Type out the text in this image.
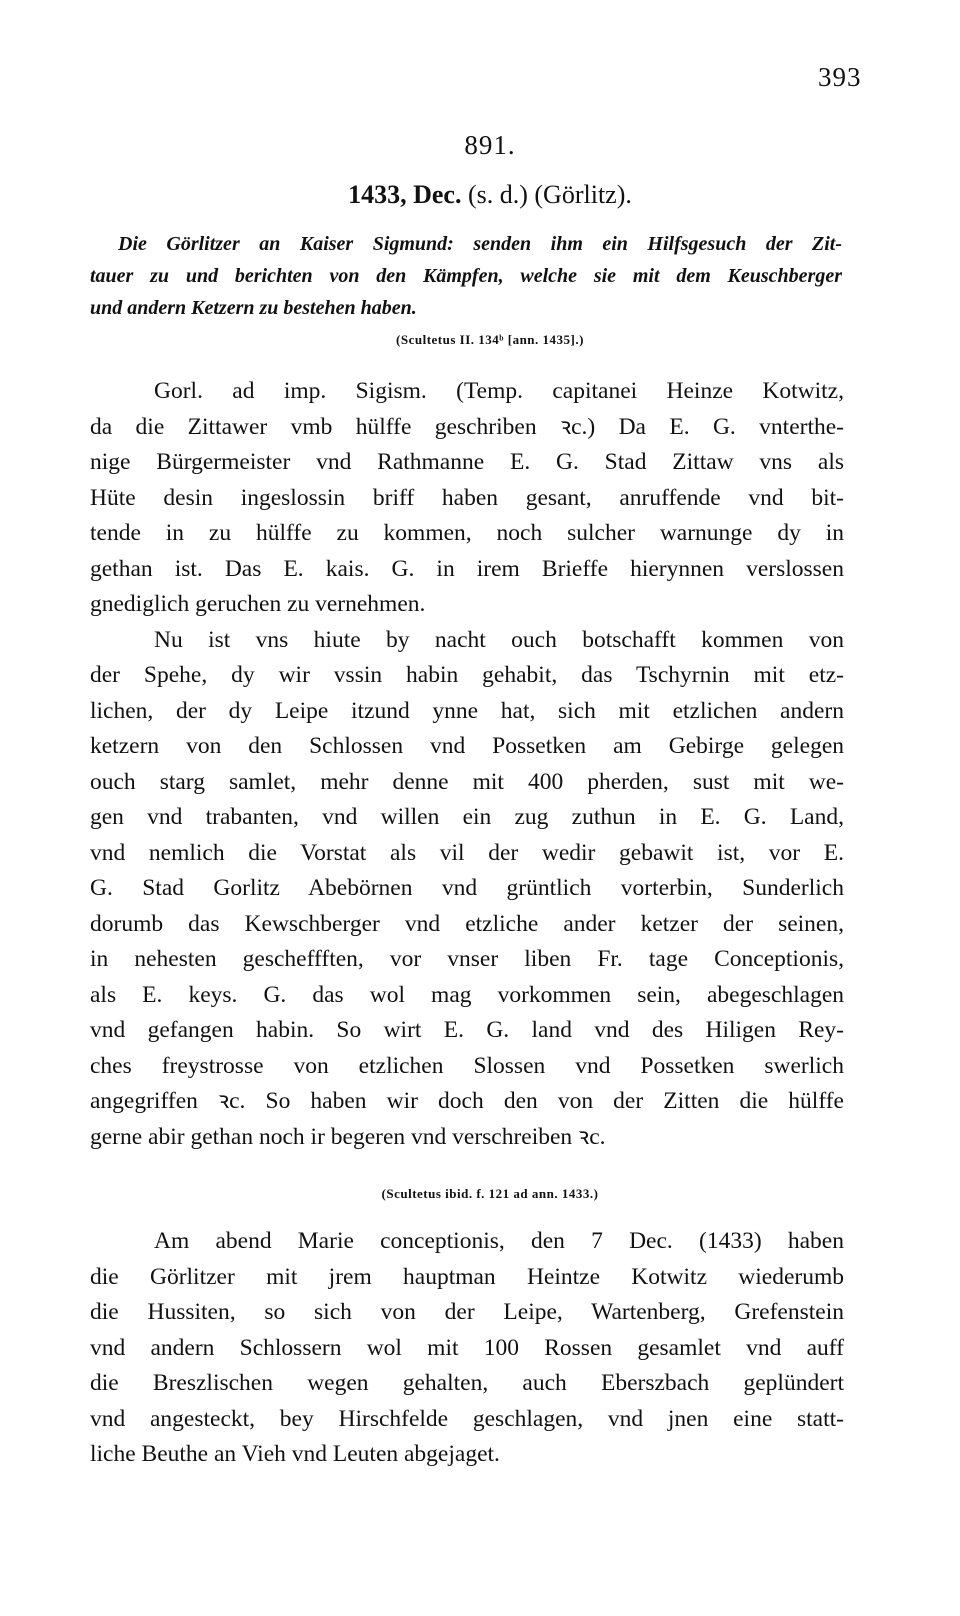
393
891.
1433, Dec. (s. d.) (Görlitz).
Die Görlitzer an Kaiser Sigmund: senden ihm ein Hilfsgesuch der Zit-
tauer zu und berichten von den Kämpfen, welche sie mit dem Keuschberger
und andern Ketzern zu bestehen haben.
(Scultetus II. 134ᵇ [ann. 1435].)
Gorl. ad imp. Sigism. (Temp. capitanei Heinze Kotwitz,
da die Zittawer vmb hülffe geschriben ꝛc.) Da E. G. vnterthe-
nige Bürgermeister vnd Rathmanne E. G. Stad Zittaw vns als
Hüte desin ingeslossin briff haben gesant, anruffende vnd bit-
tende in zu hülffe zu kommen, noch sulcher warnunge dy in
gethan ist. Das E. kais. G. in irem Brieffe hierynnen verslossen
gnediglich geruchen zu vernehmen.
Nu ist vns hiute by nacht ouch botschafft kommen von
der Spehe, dy wir vssin habin gehabit, das Tschyrnin mit etz-
lichen, der dy Leipe itzund ynne hat, sich mit etzlichen andern
ketzern von den Schlossen vnd Possetken am Gebirge gelegen
ouch starg samlet, mehr denne mit 400 pherden, sust mit we-
gen vnd trabanten, vnd willen ein zug zuthun in E. G. Land,
vnd nemlich die Vorstat als vil der wedir gebawit ist, vor E.
G. Stad Gorlitz Abebörnen vnd grüntlich vorterbin, Sunderlich
dorumb das Kewschberger vnd etzliche ander ketzer der seinen,
in nehesten gescheffften, vor vnser liben Fr. tage Conceptionis,
als E. keys. G. das wol mag vorkommen sein, abegeschlagen
vnd gefangen habin. So wirt E. G. land vnd des Hiligen Rey-
ches freystrosse von etzlichen Slossen vnd Possetken swerlich
angegriffen ꝛc. So haben wir doch den von der Zitten die hülffe
gerne abir gethan noch ir begeren vnd verschreiben ꝛc.
(Scultetus ibid. f. 121 ad ann. 1433.)
Am abend Marie conceptionis, den 7 Dec. (1433) haben
die Görlitzer mit jrem hauptman Heintze Kotwitz wiederumb
die Hussiten, so sich von der Leipe, Wartenberg, Grefenstein
vnd andern Schlossern wol mit 100 Rossen gesamlet vnd auff
die Breszlischen wegen gehalten, auch Eberszbach geplündert
vnd angesteckt, bey Hirschfelde geschlagen, vnd jnen eine statt-
liche Beuthe an Vieh vnd Leuten abgejaget.
